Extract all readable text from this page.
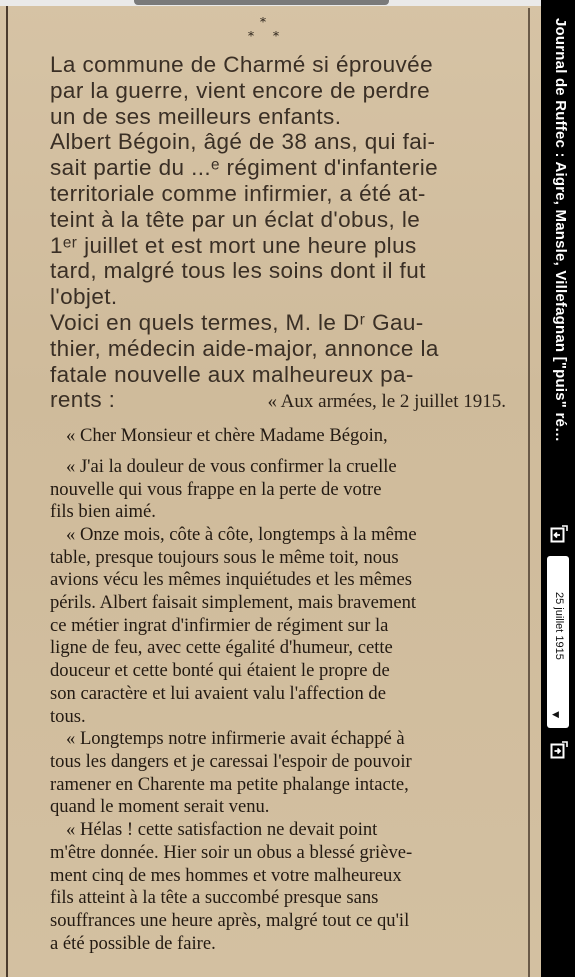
*
* *

La commune de Charmé si éprouvée
par la guerre, vient encore de perdre
un de ses meilleurs enfants.

Albert Bégoin, âgé de 38 ans, qui fai-
sait partie du ...ᵉ régiment d'infanterie
territoriale comme infirmier, a été at-
teint à la tête par un éclat d'obus, le
1ᵉʳ juillet et est mort une heure plus
tard, malgré tous les soins dont il fut
l'objet.

Voici en quels termes, M. le Dʳ Gau-
thier, médecin aide-major, annonce la
fatale nouvelle aux malheureux pa-
rents :	« Aux armées, le 2 juillet 1915.

« Cher Monsieur et chère Madame Bégoin,

« J'ai la douleur de vous confirmer la cruelle
nouvelle qui vous frappe en la perte de votre
fils bien aimé.

« Onze mois, côte à côte, longtemps à la même
table, presque toujours sous le même toit, nous
avions vécu les mêmes inquiétudes et les mêmes
périls. Albert faisait simplement, mais bravement
ce métier ingrat d'infirmier de régiment sur la
ligne de feu, avec cette égalité d'humeur, cette
douceur et cette bonté qui étaient le propre de
son caractère et lui avaient valu l'affection de
tous.

« Longtemps notre infirmerie avait échappé à
tous les dangers et je caressai l'espoir de pouvoir
ramener en Charente ma petite phalange intacte,
quand le moment serait venu.

« Hélas ! cette satisfaction ne devait point
m'être donnée. Hier soir un obus a blessé griève-
ment cinq de mes hommes et votre malheureux
fils atteint à la tête a succombé presque sans
souffrances une heure après, malgré tout ce qu'il
a été possible de faire.

Journal de Ruffec : Aigre, Mansle, Villefagnan ["puis" ré…
25 juillet 1915
◀
